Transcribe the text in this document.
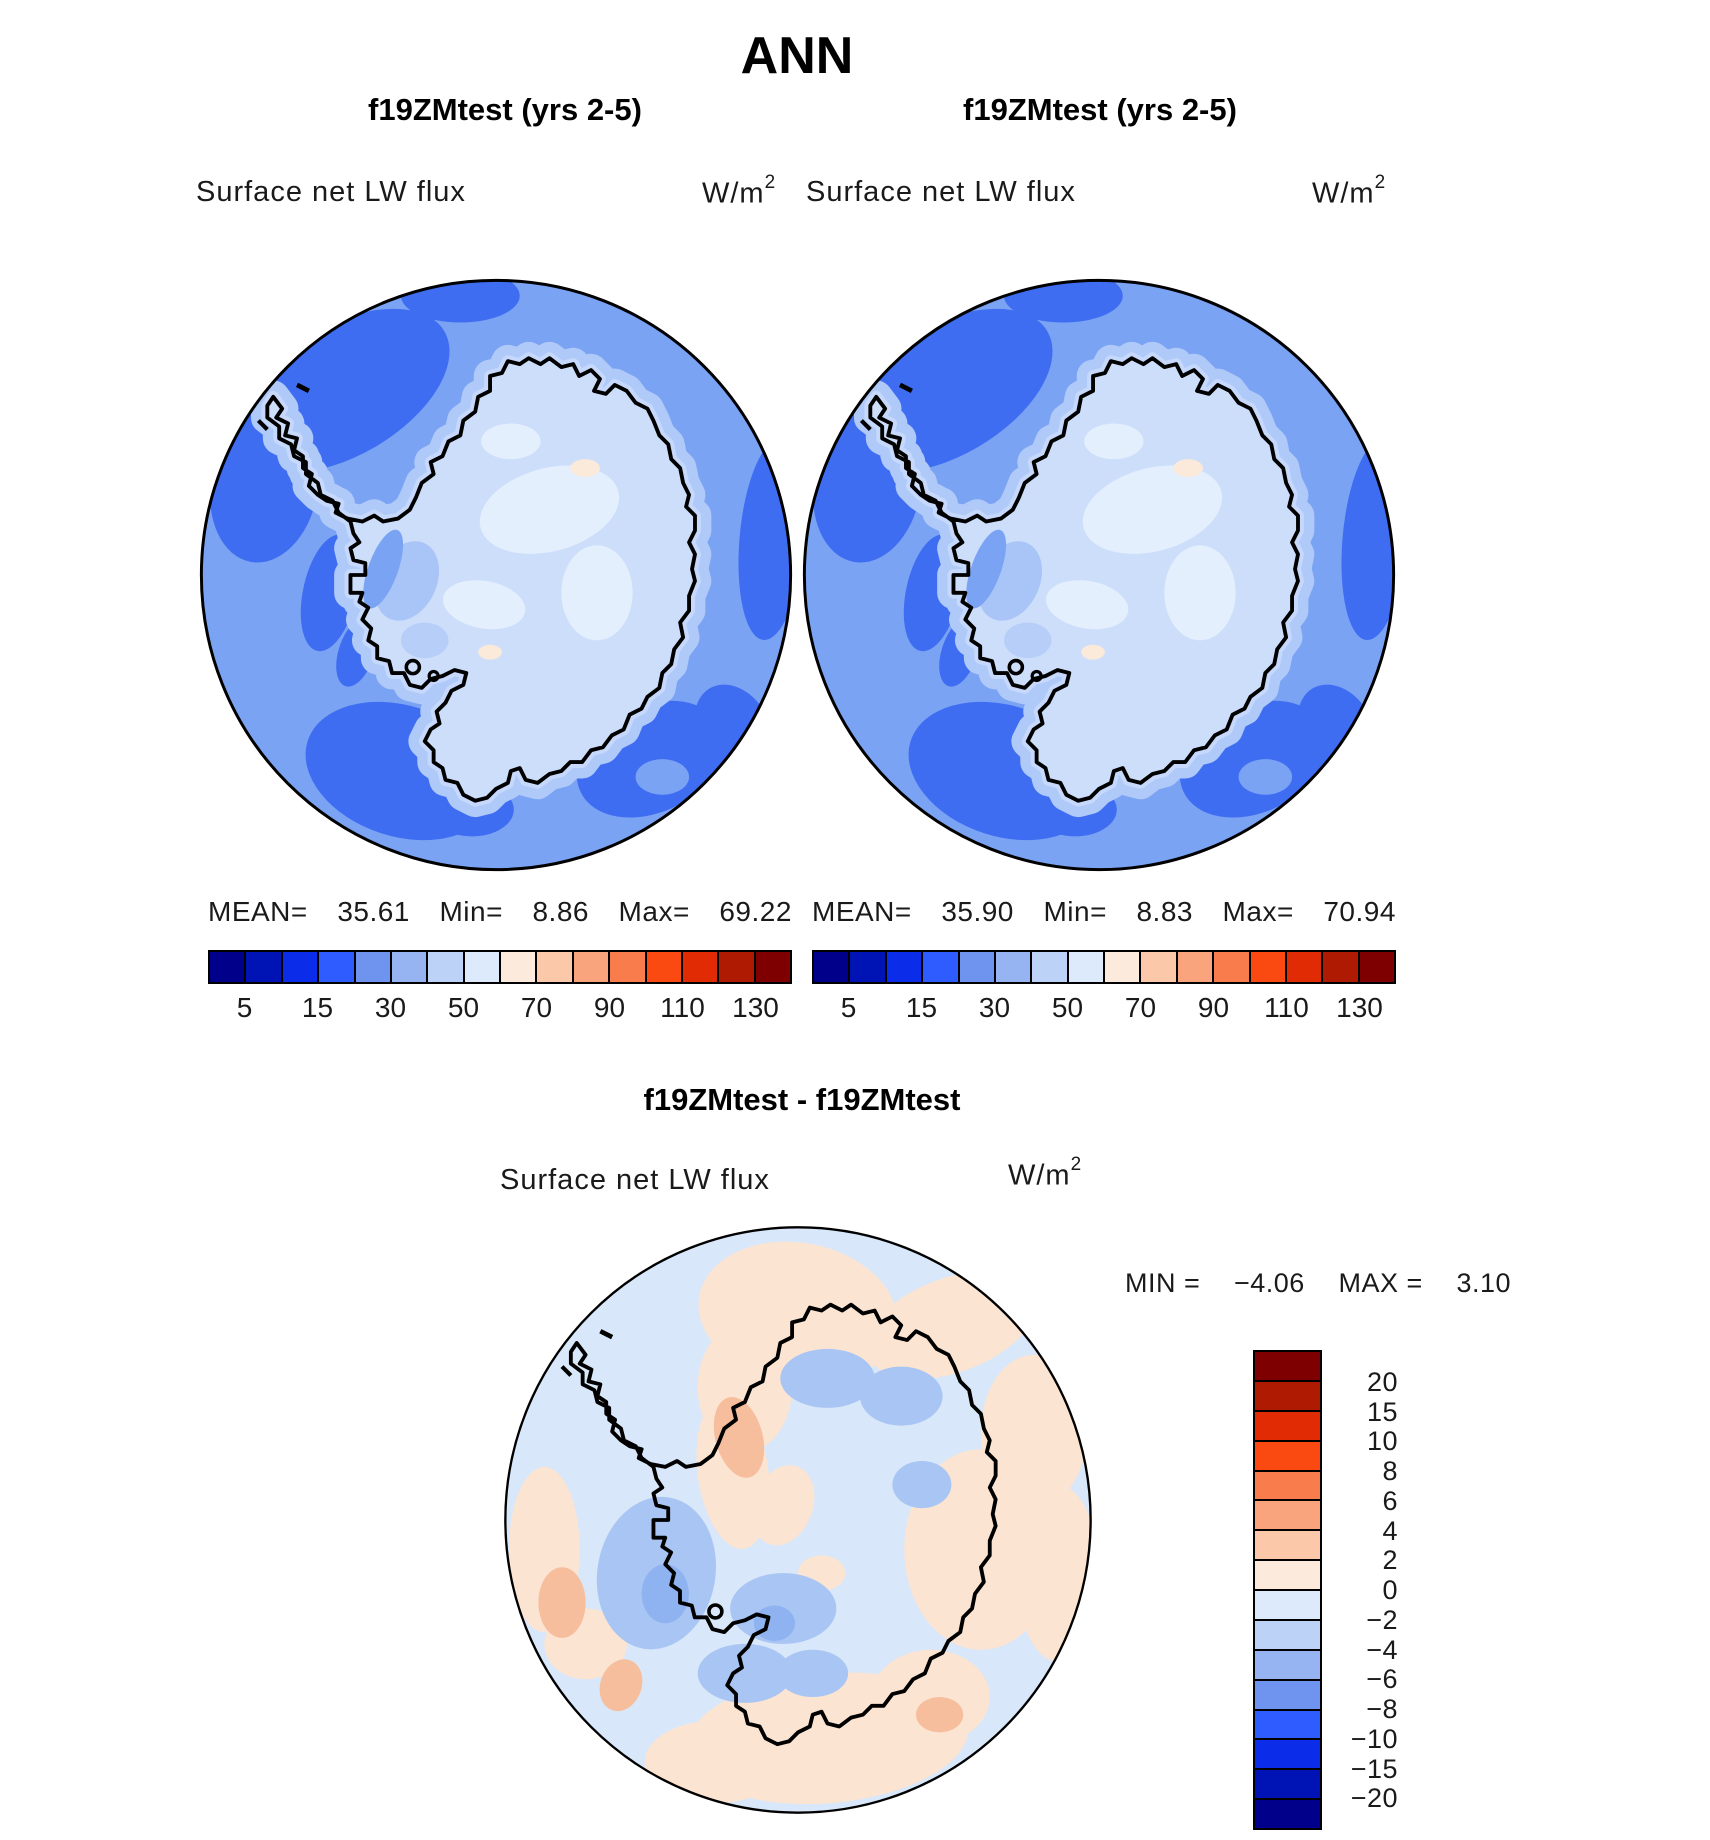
ANN
f19ZMtest (yrs 2-5)	f19ZMtest (yrs 2-5)
Surface net LW flux	$W/m^2$ Surface net LW flux	$W/m^2$
MEAN= 35.61 Min= 8.86 Max= 69.22 MEAN= 35.90 Min= 8.83 Max= 70.94
5 15 30 50 70 90 110 130 5 15 30 50 70 90 110 130
f19ZMtest - f19ZMtest
Surface net LW flux	$W/m^2$
MIN = −4.06 MAX = 3.10
20
15
10
8
6
4
2
0
−2
−4
−6
−8
−10
−15
−20
